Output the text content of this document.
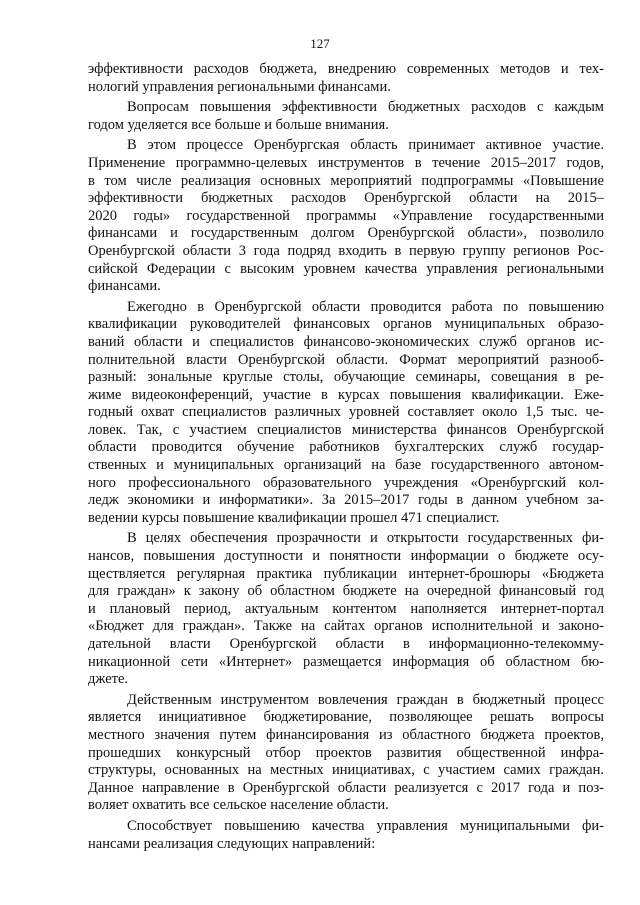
127
эффективности расходов бюджета, внедрению современных методов и тех-
нологий управления региональными финансами.
Вопросам повышения эффективности бюджетных расходов с каждым
годом уделяется все больше и больше внимания.
В этом процессе Оренбургская область принимает активное участие.
Применение программно-целевых инструментов в течение 2015–2017 годов,
в том числе реализация основных мероприятий подпрограммы «Повышение
эффективности бюджетных расходов Оренбургской области на 2015–
2020 годы» государственной программы «Управление государственными
финансами и государственным долгом Оренбургской области», позволило
Оренбургской области 3 года подряд входить в первую группу регионов Рос-
сийской Федерации с высоким уровнем качества управления региональными
финансами.
Ежегодно в Оренбургской области проводится работа по повышению
квалификации руководителей финансовых органов муниципальных образо-
ваний области и специалистов финансово-экономических служб органов ис-
полнительной власти Оренбургской области. Формат мероприятий разнооб-
разный: зональные круглые столы, обучающие семинары, совещания в ре-
жиме видеоконференций, участие в курсах повышения квалификации. Еже-
годный охват специалистов различных уровней составляет около 1,5 тыс. че-
ловек. Так, с участием специалистов министерства финансов Оренбургской
области проводится обучение работников бухгалтерских служб государ-
ственных и муниципальных организаций на базе государственного автоном-
ного профессионального образовательного учреждения «Оренбургский кол-
ледж экономики и информатики». За 2015–2017 годы в данном учебном за-
ведении курсы повышение квалификации прошел 471 специалист.
В целях обеспечения прозрачности и открытости государственных фи-
нансов, повышения доступности и понятности информации о бюджете осу-
ществляется регулярная практика публикации интернет-брошюры «Бюджета
для граждан» к закону об областном бюджете на очередной финансовый год
и плановый период, актуальным контентом наполняется интернет-портал
«Бюджет для граждан». Также на сайтах органов исполнительной и законо-
дательной власти Оренбургской области в информационно-телекомму-
никационной сети «Интернет» размещается информация об областном бю-
джете.
Действенным инструментом вовлечения граждан в бюджетный процесс
является инициативное бюджетирование, позволяющее решать вопросы
местного значения путем финансирования из областного бюджета проектов,
прошедших конкурсный отбор проектов развития общественной инфра-
структуры, основанных на местных инициативах, с участием самих граждан.
Данное направление в Оренбургской области реализуется с 2017 года и поз-
воляет охватить все сельское население области.
Способствует повышению качества управления муниципальными фи-
нансами реализация следующих направлений:
